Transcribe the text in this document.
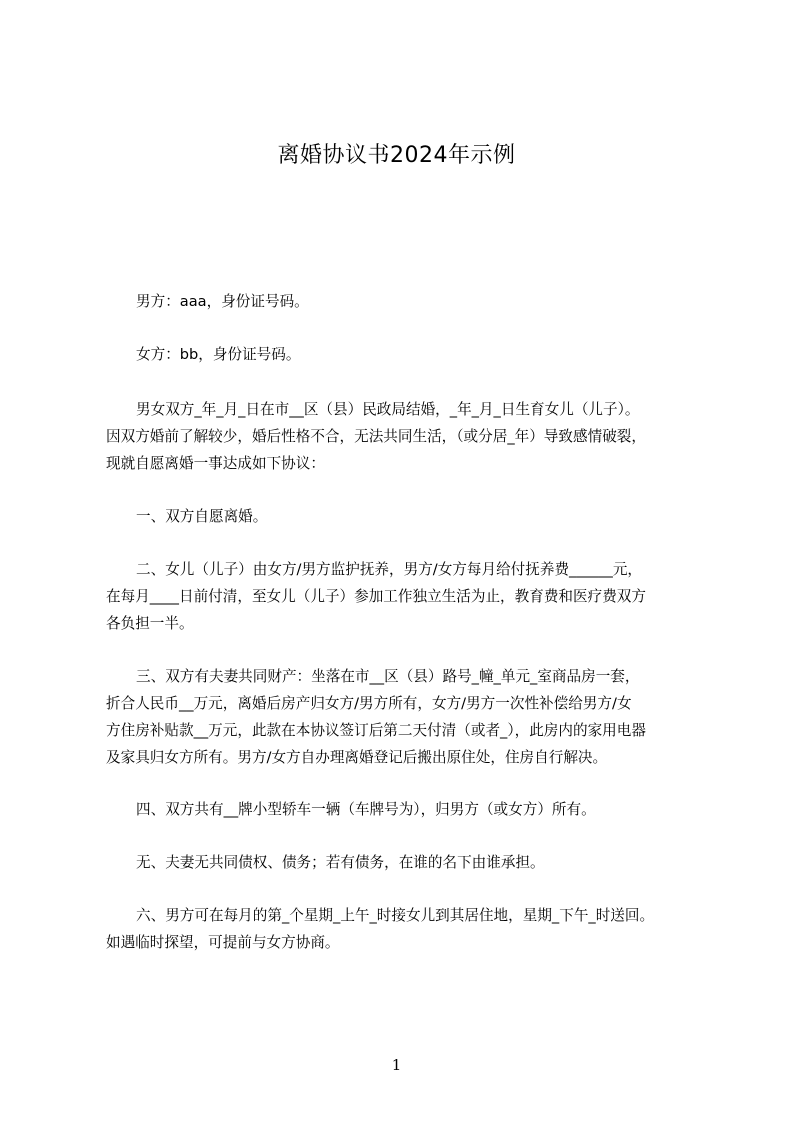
离婚协议书2024年示例

男方：aaa，身份证号码。

女方：bb，身份证号码。

男女双方_年_月_日在市__区（县）民政局结婚，_年_月_日生育女儿（儿子）。
因双方婚前了解较少，婚后性格不合，无法共同生活，（或分居_年）导致感情破裂，
现就自愿离婚一事达成如下协议：

一、双方自愿离婚。

二、女儿（儿子）由女方/男方监护抚养，男方/女方每月给付抚养费______元，
在每月____日前付清，至女儿（儿子）参加工作独立生活为止，教育费和医疗费双方
各负担一半。

三、双方有夫妻共同财产：坐落在市__区（县）路号_幢_单元_室商品房一套，
折合人民币__万元，离婚后房产归女方/男方所有，女方/男方一次性补偿给男方/女
方住房补贴款__万元，此款在本协议签订后第二天付清（或者_），此房内的家用电器
及家具归女方所有。男方/女方自办理离婚登记后搬出原住处，住房自行解决。

四、双方共有__牌小型轿车一辆（车牌号为），归男方（或女方）所有。

无、夫妻无共同债权、债务；若有债务，在谁的名下由谁承担。

六、男方可在每月的第_个星期_上午_时接女儿到其居住地，星期_下午_时送回。
如遇临时探望，可提前与女方协商。

1
